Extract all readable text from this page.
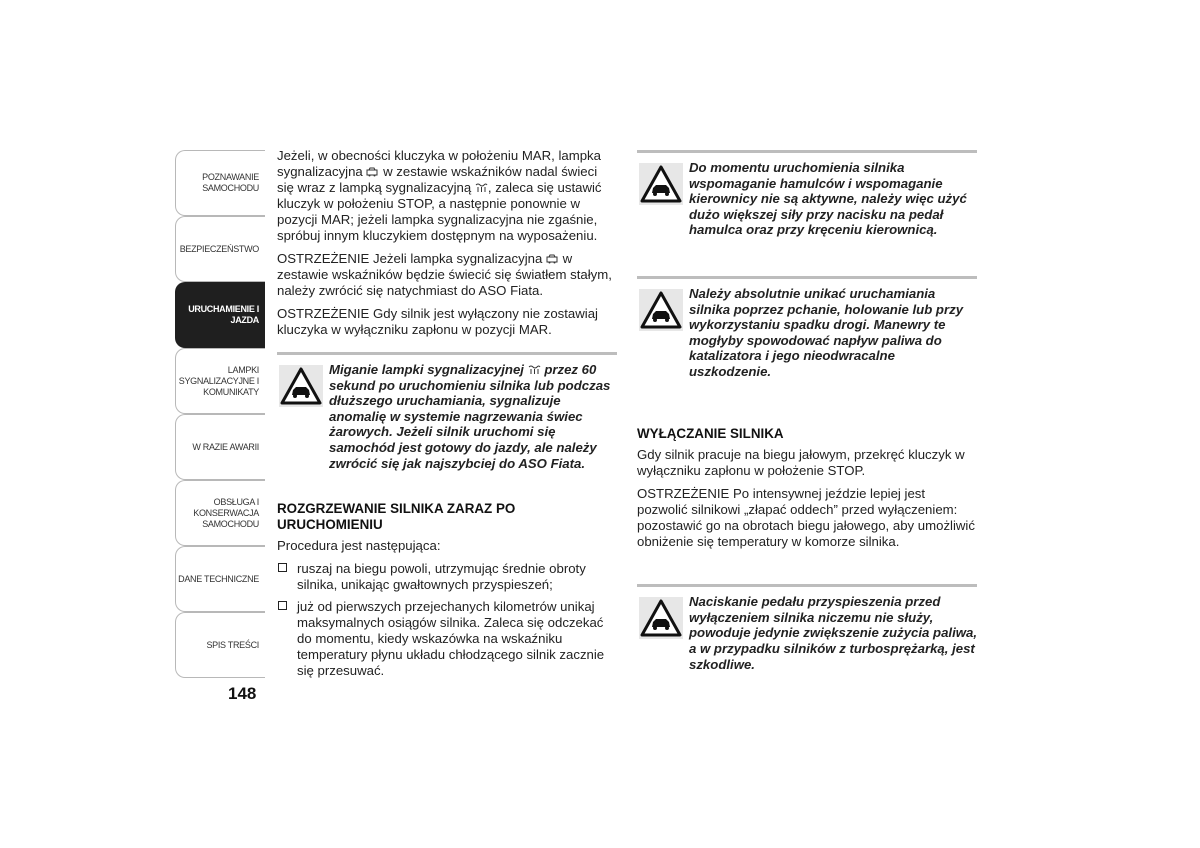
POZNAWANIE SAMOCHODU
BEZPIECZEŃSTWO
URUCHAMIENIE I JAZDA
LAMPKI SYGNALIZACYJNE I KOMUNIKATY
W RAZIE AWARII
OBSŁUGA I KONSERWACJA SAMOCHODU
DANE TECHNICZNE
SPIS TREŚCI
148

Jeżeli, w obecności kluczyka w położeniu MAR, lampka sygnalizacyjna w zestawie wskaźników nadal świeci się wraz z lampką sygnalizacyjną , zaleca się ustawić kluczyk w położeniu STOP, a następnie ponownie w pozycji MAR; jeżeli lampka sygnalizacyjna nie zgaśnie, spróbuj innym kluczykiem dostępnym na wyposażeniu.

OSTRZEŻENIE Jeżeli lampka sygnalizacyjna w zestawie wskaźników będzie świecić się światłem stałym, należy zwrócić się natychmiast do ASO Fiata.

OSTRZEŻENIE Gdy silnik jest wyłączony nie zostawiaj kluczyka w wyłączniku zapłonu w pozycji MAR.

Miganie lampki sygnalizacyjnej przez 60 sekund po uruchomieniu silnika lub podczas dłuższego uruchamiania, sygnalizuje anomalię w systemie nagrzewania świec żarowych. Jeżeli silnik uruchomi się samochód jest gotowy do jazdy, ale należy zwrócić się jak najszybciej do ASO Fiata.
ROZGRZEWANIE SILNIKA ZARAZ PO URUCHOMIENIU

Procedura jest następująca:

ruszaj na biegu powoli, utrzymując średnie obroty silnika, unikając gwałtownych przyspieszeń;
już od pierwszych przejechanych kilometrów unikaj maksymalnych osiągów silnika. Zaleca się odczekać do momentu, kiedy wskazówka na wskaźniku temperatury płynu układu chłodzącego silnik zacznie się przesuwać.
Do momentu uruchomienia silnika wspomaganie hamulców i wspomaganie kierownicy nie są aktywne, należy więc użyć dużo większej siły przy nacisku na pedał hamulca oraz przy kręceniu kierownicą.
Należy absolutnie unikać uruchamiania silnika poprzez pchanie, holowanie lub przy wykorzystaniu spadku drogi. Manewry te mogłyby spowodować napływ paliwa do katalizatora i jego nieodwracalne uszkodzenie.
WYŁĄCZANIE SILNIKA

Gdy silnik pracuje na biegu jałowym, przekręć kluczyk w wyłączniku zapłonu w położenie STOP.

OSTRZEŻENIE Po intensywnej jeździe lepiej jest pozwolić silnikowi „złapać oddech” przed wyłączeniem: pozostawić go na obrotach biegu jałowego, aby umożliwić obniżenie się temperatury w komorze silnika.

Naciskanie pedału przyspieszenia przed wyłączeniem silnika niczemu nie służy, powoduje jedynie zwiększenie zużycia paliwa, a w przypadku silników z turbosprężarką, jest szkodliwe.
